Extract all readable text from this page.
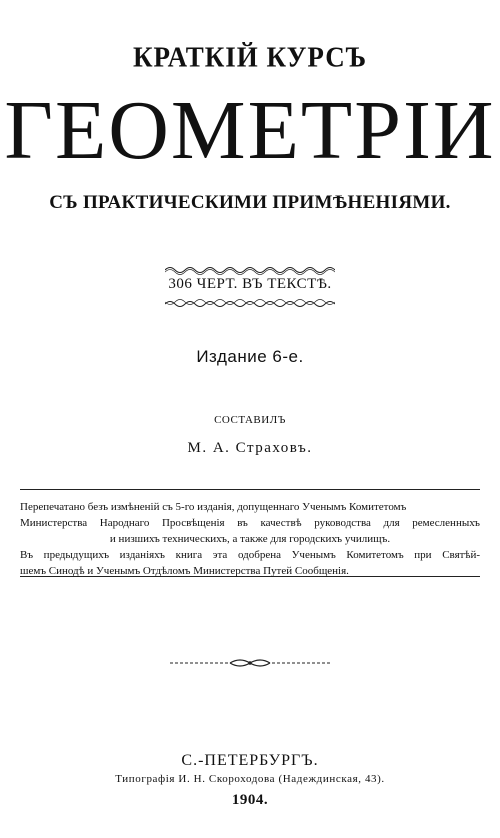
КРАТКІЙ КУРСЪ
ГЕОМЕТРІИ
СЪ ПРАКТИЧЕСКИМИ ПРИМѢНЕНІЯМИ.
306 ЧЕРТ. ВЪ ТЕКСТѢ.
Издание 6-е.
СОСТАВИЛЪ
М. А. Страховъ.

Перепечатано безъ измѣненій съ 5-го изданія, допущеннаго Ученымъ Комитетомъ

Министерства Народнаго Просвѣщенія въ качествѣ руководства для ремесленныхъ

и низшихъ техническихъ, а также для городскихъ училищъ.

Въ предыдущихъ изданіяхъ книга эта одобрена Ученымъ Комитетомъ при Святѣй-

шемъ Синодѣ и Ученымъ Отдѣломъ Министерства Путей Сообщенія.

С.-ПЕТЕРБУРГЪ.
Типографія И. Н. Скороходова (Надеждинская, 43).
1904.
